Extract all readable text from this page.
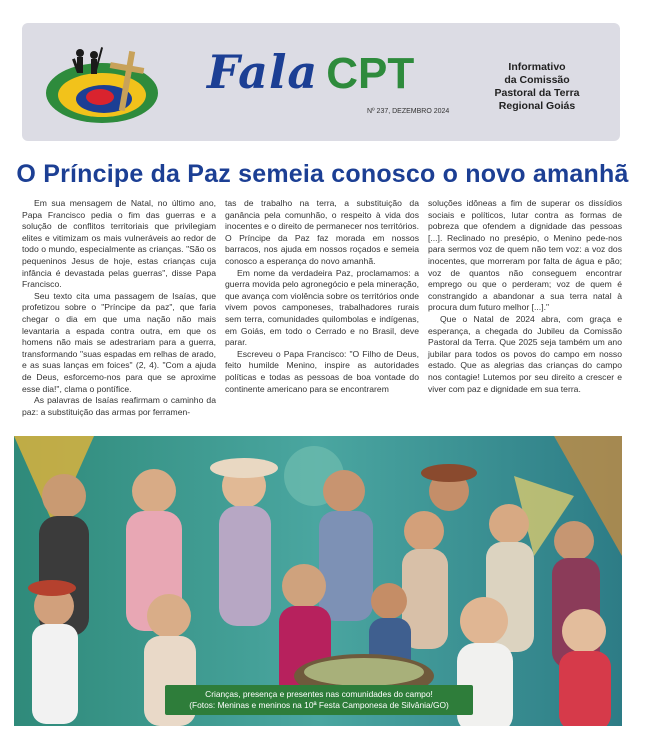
Fala CPT
Nº 237, DEZEMBRO 2024
Informativo
da Comissão
Pastoral da Terra
Regional Goiás
O Príncipe da Paz semeia conosco o novo amanhã

Em sua mensagem de Natal, no último ano, Papa Francisco pedia o fim das guerras e a solução de conflitos territoriais que privilegiam elites e vitimizam os mais vulneráveis ao redor de todo o mundo, especialmente as crianças. "São os pequeninos Jesus de hoje, estas crianças cuja infância é devastada pelas guerras", disse Papa Francisco.

Seu texto cita uma passagem de Isaías, que profetizou sobre o "Príncipe da paz", que faria chegar o dia em que uma nação não mais levantaria a espada contra outra, em que os homens não mais se adestrariam para a guerra, transformando "suas espadas em relhas de arado, e as suas lanças em foices" (2, 4). "Com a ajuda de Deus, esforcemo-nos para que se aproxime esse dia!", clama o pontífice.

As palavras de Isaías reafirmam o caminho da paz: a substituição das armas por ferramen-

tas de trabalho na terra, a substituição da ganância pela comunhão, o respeito à vida dos inocentes e o direito de permanecer nos territórios. O Príncipe da Paz faz morada em nossos barracos, nos ajuda em nossos roçados e semeia conosco a esperança do novo amanhã.

Em nome da verdadeira Paz, proclamamos: a guerra movida pelo agronegócio e pela mineração, que avança com violência sobre os territórios onde vivem povos camponeses, trabalhadores rurais sem terra, comunidades quilombolas e indígenas, em Goiás, em todo o Cerrado e no Brasil, deve parar.

Escreveu o Papa Francisco: "O Filho de Deus, feito humilde Menino, inspire as autoridades políticas e todas as pessoas de boa vontade do continente americano para se encontrarem

soluções idôneas a fim de superar os dissídios sociais e políticos, lutar contra as formas de pobreza que ofendem a dignidade das pessoas [...]. Reclinado no presépio, o Menino pede-nos para sermos voz de quem não tem voz: a voz dos inocentes, que morreram por falta de água e pão; voz de quantos não conseguem encontrar emprego ou que o perderam; voz de quem é constrangido a abandonar a sua terra natal à procura dum futuro melhor [...]."

Que o Natal de 2024 abra, com graça e esperança, a chegada do Jubileu da Comissão Pastoral da Terra. Que 2025 seja também um ano jubilar para todos os povos do campo em nosso estado. Que as alegrias das crianças do campo nos contagie! Lutemos por seu direito a crescer e viver com paz e dignidade em sua terra.

Crianças, presença e presentes nas comunidades do campo!
(Fotos: Meninas e meninos na 10ª Festa Camponesa de Silvânia/GO)
